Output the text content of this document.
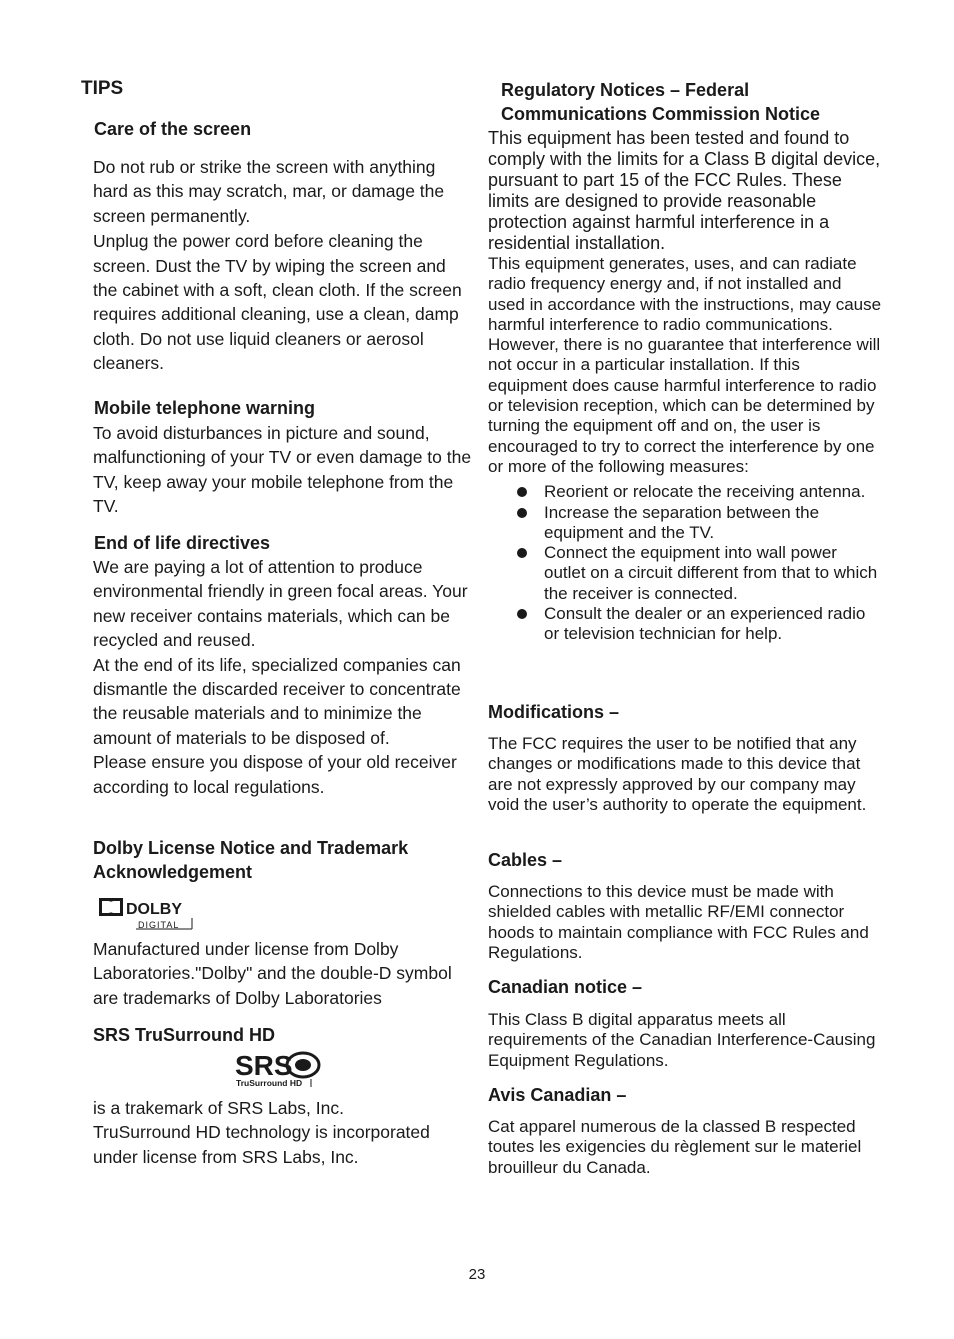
TIPS
Care of the screen

Do not rub or strike the screen with anything hard as this may scratch, mar, or damage the screen permanently.

Unplug the power cord before cleaning the screen. Dust the TV by wiping the screen and the cabinet with a soft, clean cloth. If the screen requires additional cleaning, use a clean, damp cloth. Do not use liquid cleaners or aerosol cleaners.

Mobile telephone warning

To avoid disturbances in picture and sound, malfunctioning of your TV or even damage to the TV, keep away your mobile telephone from the TV.

End of life directives

We are paying a lot of attention to produce environmental friendly in green focal areas. Your new receiver contains materials, which can be recycled and reused.

At the end of its life, specialized companies can dismantle the discarded receiver to concentrate the reusable materials and to minimize the amount of materials to be disposed of.

Please ensure you dispose of your old receiver according to local regulations.

Dolby License Notice and Trademark Acknowledgement
DOLBY
DIGITAL

Manufactured under license from Dolby Laboratories."Dolby" and the double-D symbol are trademarks of Dolby Laboratories

SRS TruSurround HD
SRS
TruSurround HD

is a trakemark of SRS Labs, Inc.

TruSurround HD technology is incorporated under license from SRS Labs, Inc.

Regulatory Notices – Federal Communications Commission Notice

This equipment has been tested and found to comply with the limits for a Class B digital device, pursuant to part 15 of the FCC Rules. These limits are designed to provide reasonable protection against harmful interference in a residential installation.

This equipment generates, uses, and can radiate radio frequency energy and, if not installed and used in accordance with the instructions, may cause harmful interference to radio communications. However, there is no guarantee that interference will not occur in a particular installation. If this equipment does cause harmful interference to radio or television reception, which can be determined by turning the equipment off and on, the user is encouraged to try to correct the interference by one or more of the following measures:

Reorient or relocate the receiving antenna.
Increase the separation between the equipment and the TV.
Connect the equipment into wall power outlet on a circuit different from that to which the receiver is connected.
Consult the dealer or an experienced radio or television technician for help.
Modifications –

The FCC requires the user to be notified that any changes or modifications made to this device that are not expressly approved by our company may void the user’s authority to operate the equipment.

Cables –

Connections to this device must be made with shielded cables with metallic RF/EMI connector hoods to maintain compliance with FCC Rules and Regulations.

Canadian notice –

This Class B digital apparatus meets all requirements of the Canadian Interference-Causing Equipment Regulations.

Avis Canadian –

Cat apparel numerous de la classed B respected toutes les exigencies du règlement sur le materiel brouilleur du Canada.

23
